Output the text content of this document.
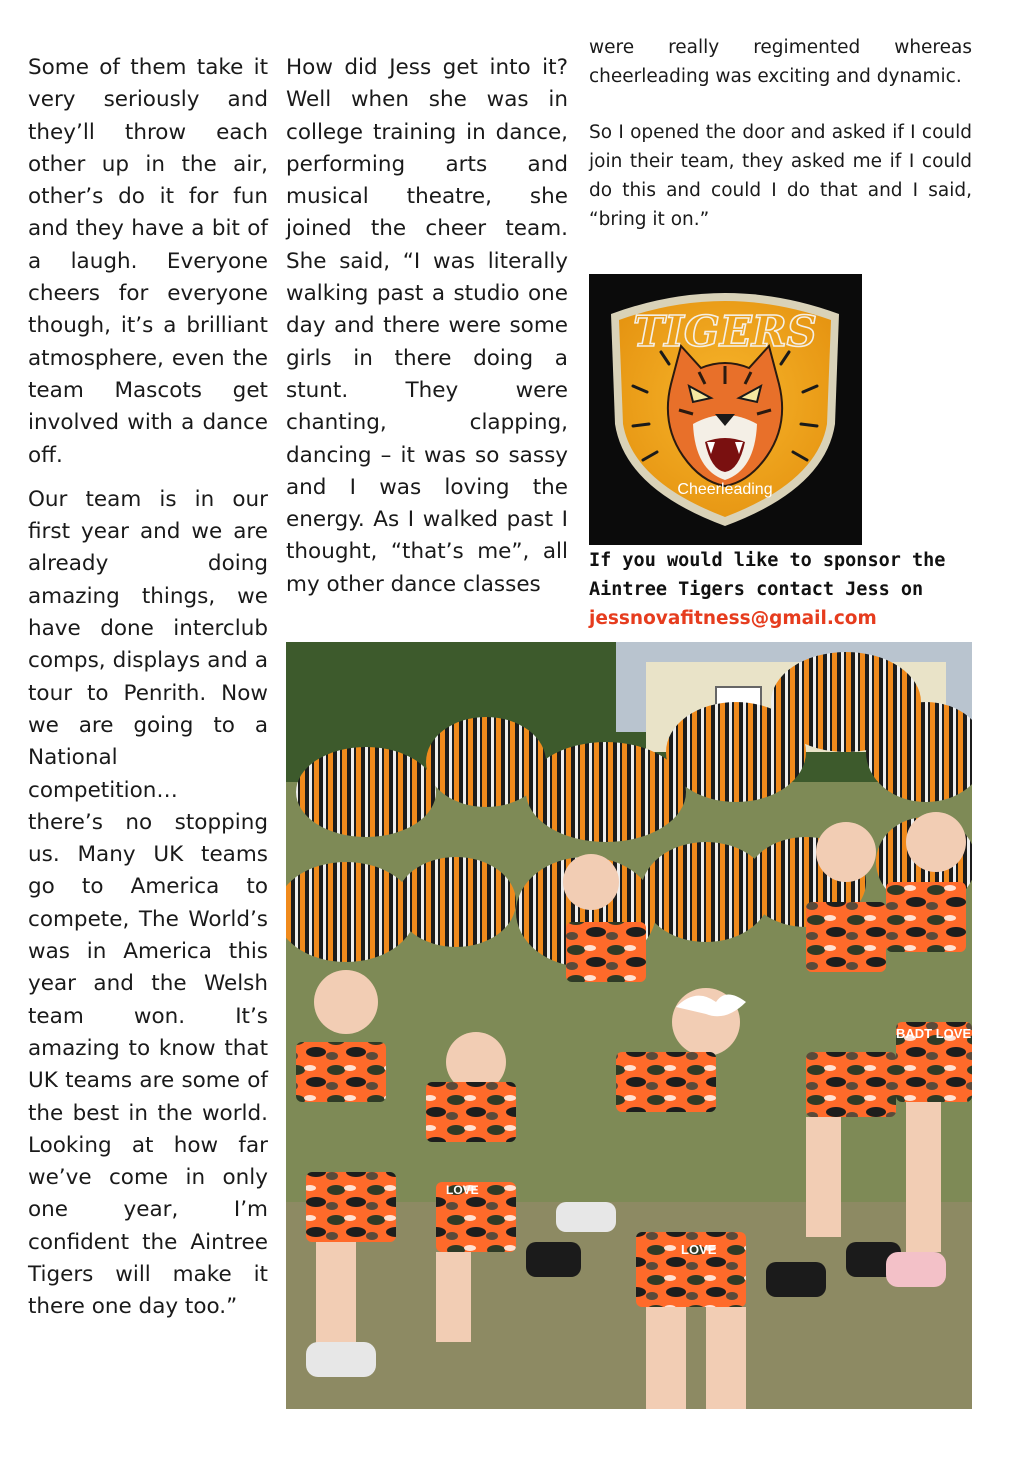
Some of them take it very seriously and they’ll throw each other up in the air, other’s do it for fun and they have a bit of a laugh. Everyone cheers for everyone though, it’s a brilliant atmosphere, even the team Mascots get involved with a dance off.

Our team is in our first year and we are already doing amazing things, we have done interclub comps, displays and a tour to Penrith. Now we are going to a National competition…

there’s no stopping us. Many UK teams go to America to compete, The World’s was in America this year and the Welsh team won. It’s amazing to know that UK teams are some of the best in the world. Looking at how far we’ve come in only one year, I’m confident the Aintree Tigers will make it there one day too.”

How did Jess get into it? Well when she was in college training in dance, performing arts and musical theatre, she joined the cheer team. She said, “I was literally walking past a studio one day and there were some girls in there doing a stunt. They were chanting, clapping, dancing – it was so sassy and I was loving the energy. As I walked past I thought, “that’s me”, all my other dance classes

were really regimented whereas cheerleading was exciting and dynamic.

So I opened the door and asked if I could join their team, they asked me if I could do this and could I do that and I said, “bring it on.”

TIGERS
Cheerleading
If you would like to sponsor the Aintree Tigers contact Jess on
jessnovafitness@gmail.com
LOVE
BADT LOVE
LOVE
